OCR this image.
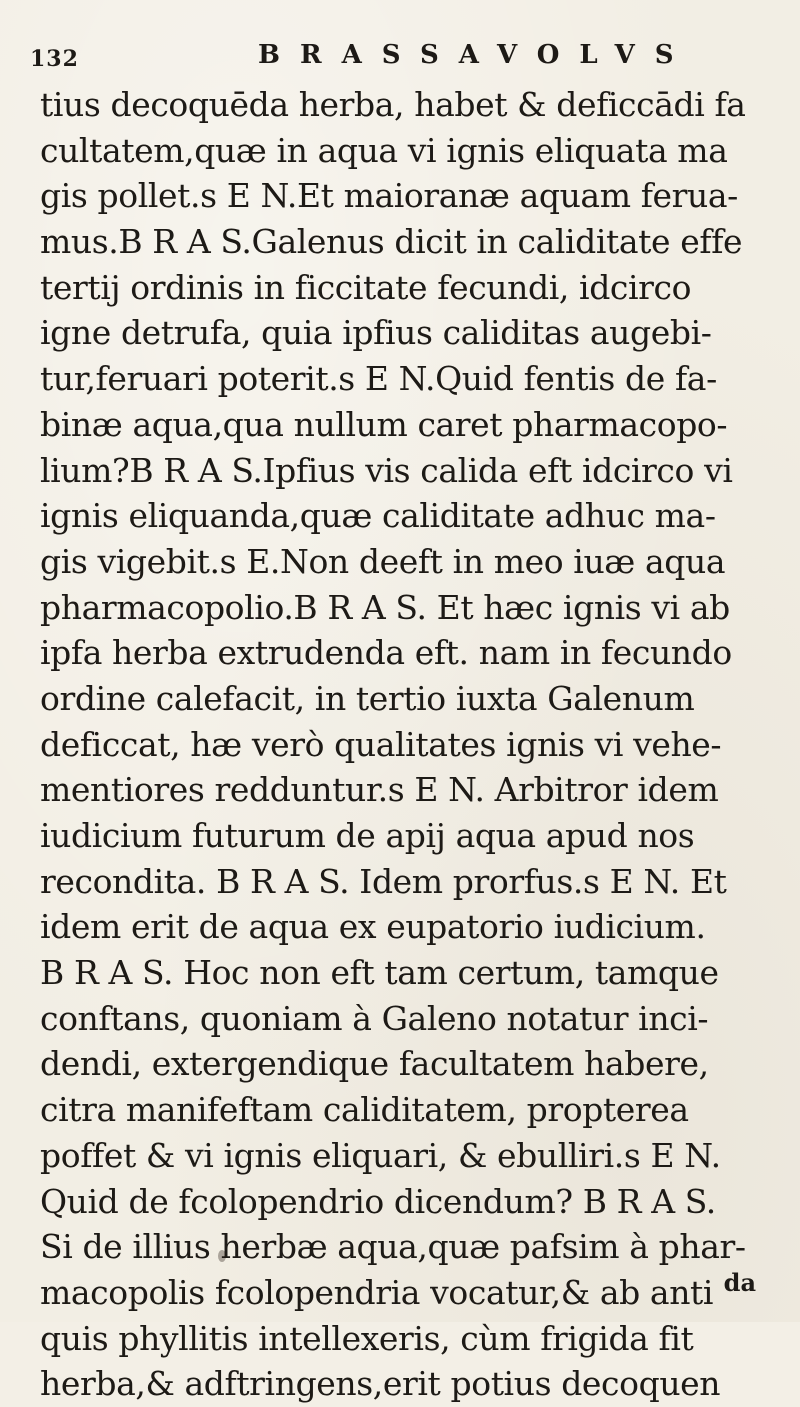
132	BRASSAVOLVS
tius decoquēda herba, habet & deficcādi fa
cultatem,quæ in aqua vi ignis eliquata ma
gis pollet.s E N.Et maioranæ aquam ferua-
mus.B R A S.Galenus dicit in caliditate effe
tertij ordinis in ficcitate fecundi, idcirco
igne detrufa, quia ipfius caliditas augebi-
tur,feruari poterit.s E N.Quid fentis de fa-
binæ aqua,qua nullum caret pharmacopo-
lium?B R A S.Ipfius vis calida eft idcirco vi
ignis eliquanda,quæ caliditate adhuc ma-
gis vigebit.s E.Non deeft in meo iuæ aqua
pharmacopolio.B R A S. Et hæc ignis vi ab
ipfa herba extrudenda eft. nam in fecundo
ordine calefacit, in tertio iuxta Galenum
deficcat, hæ verò qualitates ignis vi vehe-
mentiores redduntur.s E N. Arbitror idem
iudicium futurum de apij aqua apud nos
recondita. B R A S. Idem prorfus.s E N. Et
idem erit de aqua ex eupatorio iudicium.
B R A S. Hoc non eft tam certum, tamque
conftans, quoniam à Galeno notatur inci-
dendi, extergendique facultatem habere,
citra manifeftam caliditatem, propterea
poffet & vi ignis eliquari, & ebulliri.s E N.
Quid de fcolopendrio dicendum? B R A S.
Si de illius herbæ aqua,quæ pafsim à phar-
macopolis fcolopendria vocatur,& ab anti
quis phyllitis intellexeris, cùm frigida fit
herba,& adftringens,erit potius decoquen
da
